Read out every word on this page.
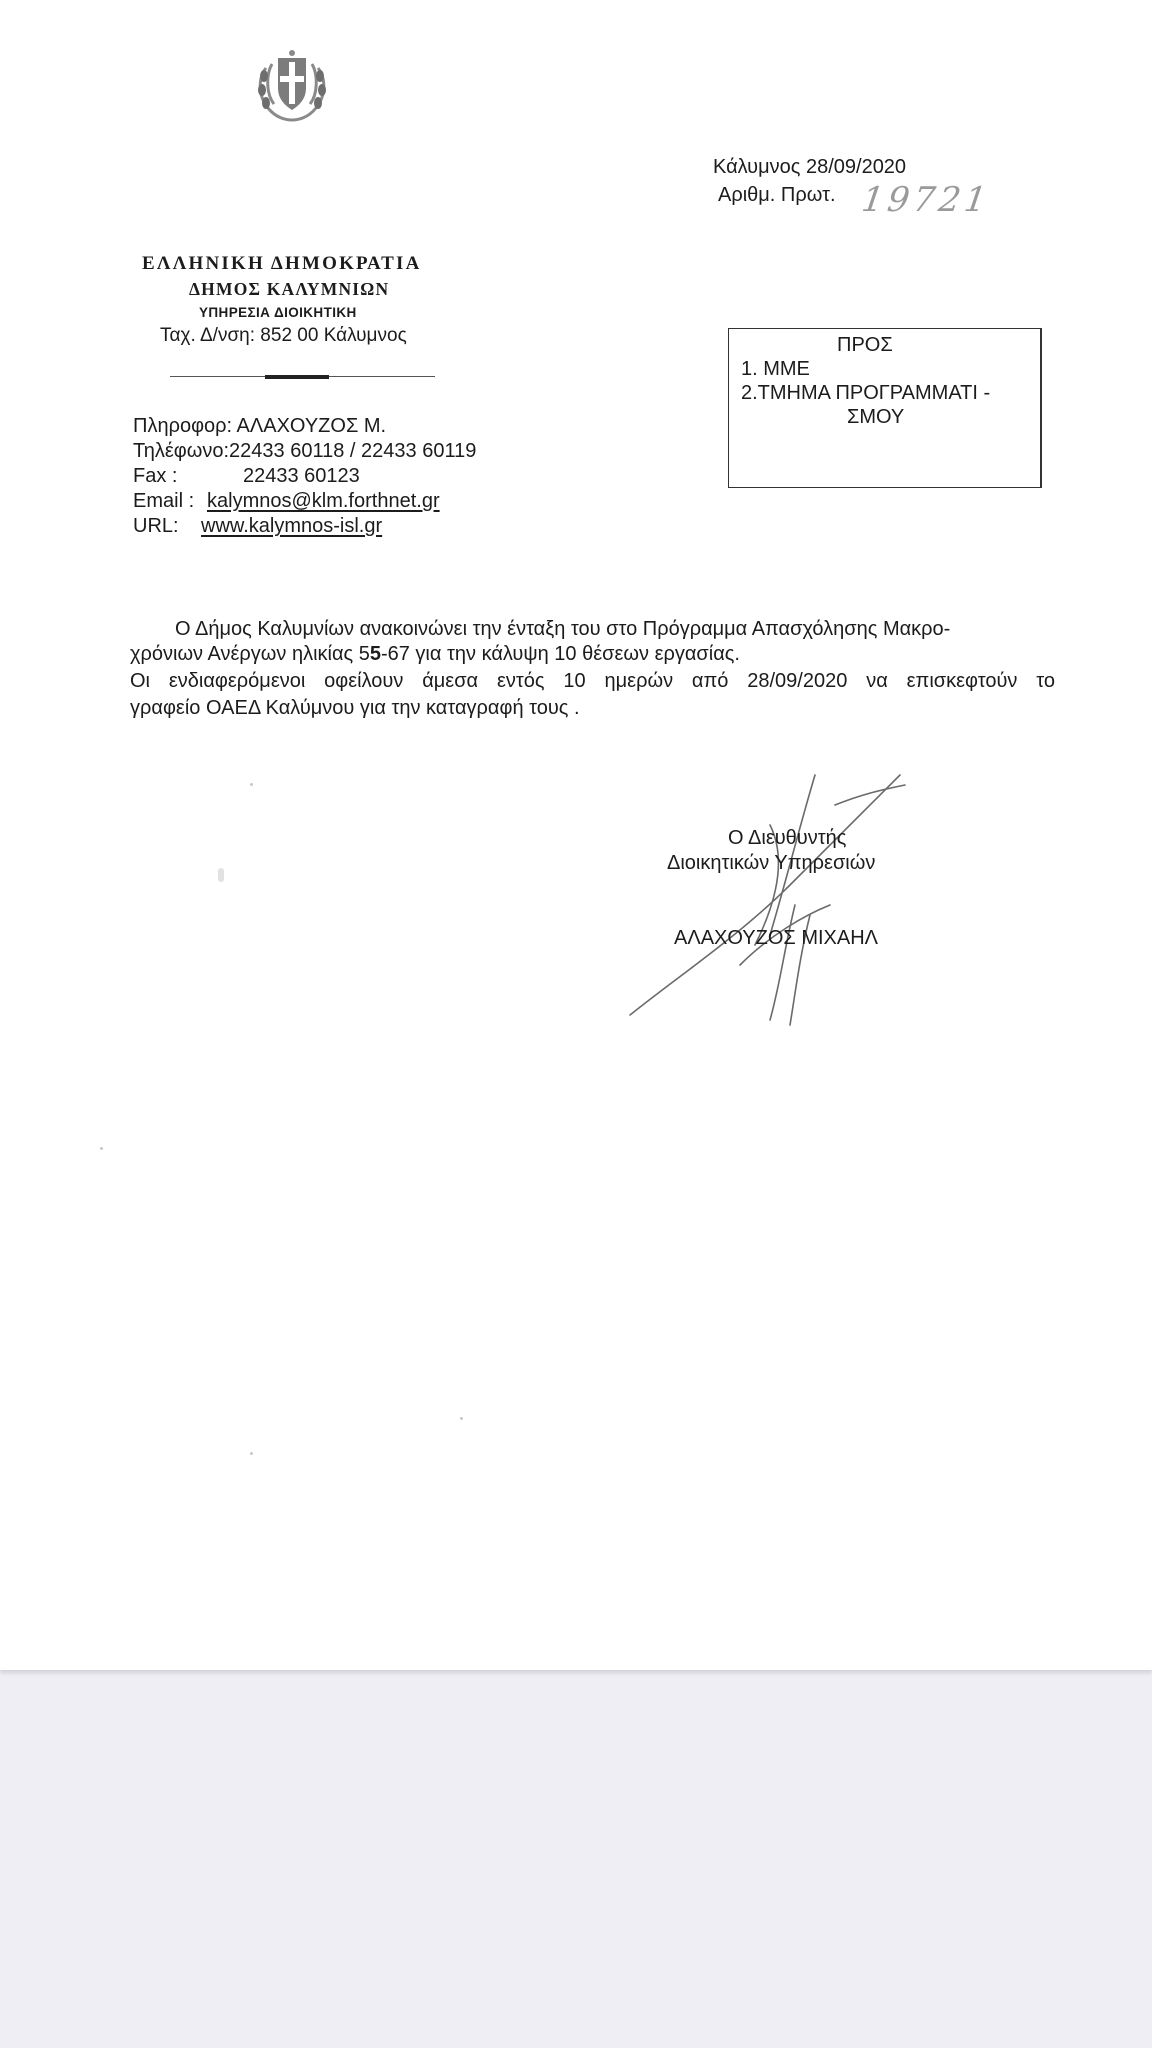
Κάλυμνος 28/09/2020
Αριθμ. Πρωτ. 19721
ΕΛΛΗΝΙΚΗ ΔΗΜΟΚΡΑΤΙΑ
ΔΗΜΟΣ ΚΑΛΥΜΝΙΩΝ
ΥΠΗΡΕΣΙΑ ΔΙΟΙΚΗΤΙΚΗ
Ταχ. Δ/νση: 852 00 Κάλυμνος
Πληροφορ: ΑΛΑΧΟΥΖΟΣ Μ.
Τηλέφωνο:22433 60118 / 22433 60119
Fax :	22433 60123
Email : kalymnos@klm.forthnet.gr
URL: www.kalymnos-isl.gr
ΠΡΟΣ
1. ΜΜΕ
2.ΤΜΗΜΑ ΠΡΟΓΡΑΜΜΑΤΙ -
ΣΜΟΥ
Ο Δήμος Καλυμνίων ανακοινώνει την ένταξη του στο Πρόγραμμα Απασχόλησης Μακρο-
χρόνιων Ανέργων ηλικίας 55-67 για την κάλυψη 10 θέσεων εργασίας.
Οι ενδιαφερόμενοι οφείλουν άμεσα εντός 10 ημερών από 28/09/2020 να επισκεφτούν το
γραφείο ΟΑΕΔ Καλύμνου για την καταγραφή τους .
Ο Διευθυντής
Διοικητικών Υπηρεσιών
ΑΛΑΧΟΥΖΟΣ ΜΙΧΑΗΛ
